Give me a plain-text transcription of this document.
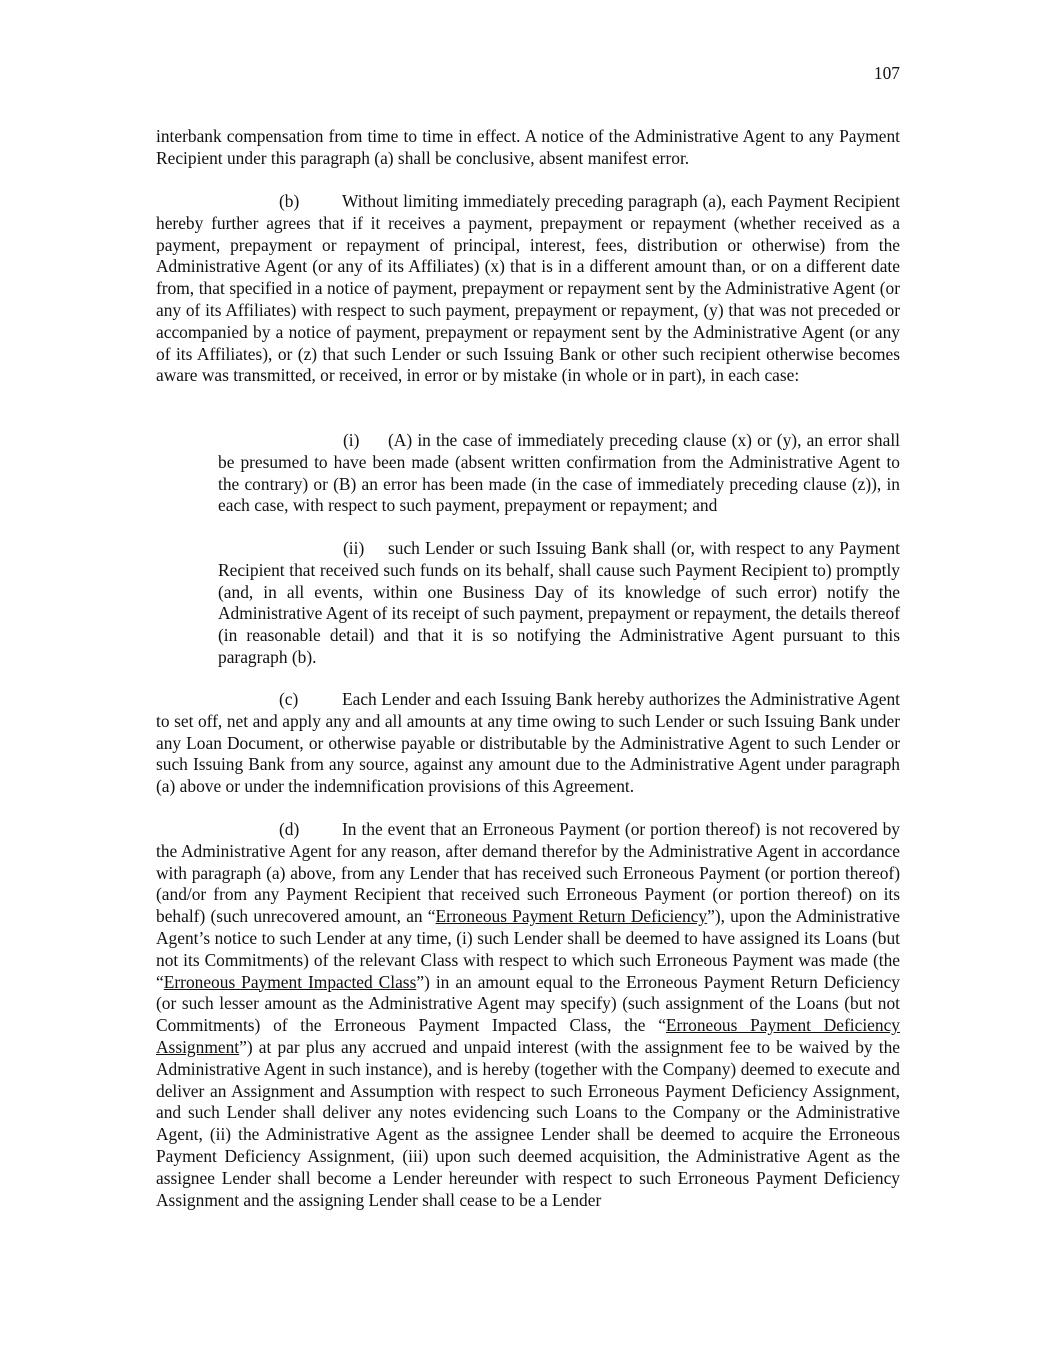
107

interbank compensation from time to time in effect. A notice of the Administrative Agent to any Payment Recipient under this paragraph (a) shall be conclusive, absent manifest error.

(b) Without limiting immediately preceding paragraph (a), each Payment Recipient hereby further agrees that if it receives a payment, prepayment or repayment (whether received as a payment, prepayment or repayment of principal, interest, fees, distribution or otherwise) from the Administrative Agent (or any of its Affiliates) (x) that is in a different amount than, or on a different date from, that specified in a notice of payment, prepayment or repayment sent by the Administrative Agent (or any of its Affiliates) with respect to such payment, prepayment or repayment, (y) that was not preceded or accompanied by a notice of payment, prepayment or repayment sent by the Administrative Agent (or any of its Affiliates), or (z) that such Lender or such Issuing Bank or other such recipient otherwise becomes aware was transmitted, or received, in error or by mistake (in whole or in part), in each case:

(i) (A) in the case of immediately preceding clause (x) or (y), an error shall be presumed to have been made (absent written confirmation from the Administrative Agent to the contrary) or (B) an error has been made (in the case of immediately preceding clause (z)), in each case, with respect to such payment, prepayment or repayment; and

(ii) such Lender or such Issuing Bank shall (or, with respect to any Payment Recipient that received such funds on its behalf, shall cause such Payment Recipient to) promptly (and, in all events, within one Business Day of its knowledge of such error) notify the Administrative Agent of its receipt of such payment, prepayment or repayment, the details thereof (in reasonable detail) and that it is so notifying the Administrative Agent pursuant to this paragraph (b).

(c)	Each Lender and each Issuing Bank hereby authorizes the Administrative Agent to set off, net and apply any and all amounts at any time owing to such Lender or such Issuing Bank under any Loan Document, or otherwise payable or distributable by the Administrative Agent to such Lender or such Issuing Bank from any source, against any amount due to the Administrative Agent under paragraph (a) above or under the indemnification provisions of this Agreement.

(d) In the event that an Erroneous Payment (or portion thereof) is not recovered by the Administrative Agent for any reason, after demand therefor by the Administrative Agent in accordance with paragraph (a) above, from any Lender that has received such Erroneous Payment (or portion thereof) (and/or from any Payment Recipient that received such Erroneous Payment (or portion thereof) on its behalf) (such unrecovered amount, an “Erroneous Payment Return Deficiency”), upon the Administrative Agent’s notice to such Lender at any time, (i) such Lender shall be deemed to have assigned its Loans (but not its Commitments) of the relevant Class with respect to which such Erroneous Payment was made (the “Erroneous Payment Impacted Class”) in an amount equal to the Erroneous Payment Return Deficiency (or such lesser amount as the Administrative Agent may specify) (such assignment of the Loans (but not Commitments) of the Erroneous Payment Impacted Class, the “Erroneous Payment Deficiency Assignment”) at par plus any accrued and unpaid interest (with the assignment fee to be waived by the Administrative Agent in such instance), and is hereby (together with the Company) deemed to execute and deliver an Assignment and Assumption with respect to such Erroneous Payment Deficiency Assignment, and such Lender shall deliver any notes evidencing such Loans to the Company or the Administrative Agent, (ii) the Administrative Agent as the assignee Lender shall be deemed to acquire the Erroneous Payment Deficiency Assignment, (iii) upon such deemed acquisition, the Administrative Agent as the assignee Lender shall become a Lender hereunder with respect to such Erroneous Payment Deficiency Assignment and the assigning Lender shall cease to be a Lender
